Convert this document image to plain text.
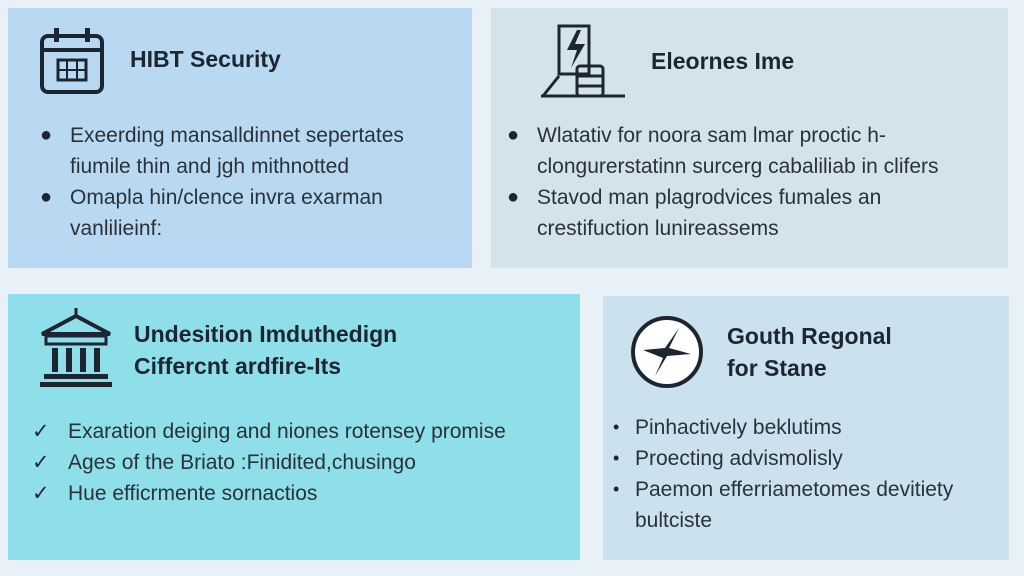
HIBT Security
● Exeerding mansalldinnet sepertates
fiumile thin and jgh mithnotted
● Omapla hin/clence invra exarman
vanlilieinf:
Eleornes Ime
● Wlatativ for noora sam lmar proctic h-
clongurerstatinn surcerg cabaliliab in clifers
● Stavod man plagrodvices fumales an
crestifuction lunireassems
Undesition Imduthedign
Ciffercnt ardfire-Its
✓ Exaration deiging and niones rotensey promise
✓ Ages of the Briato :Finidited,chusingo
✓ Hue efficrmente sornactios
Gouth Regonal
for Stane
• Pinhactively beklutims
• Proecting advismolisly
• Paemon efferriametomes devitiety
bultciste
